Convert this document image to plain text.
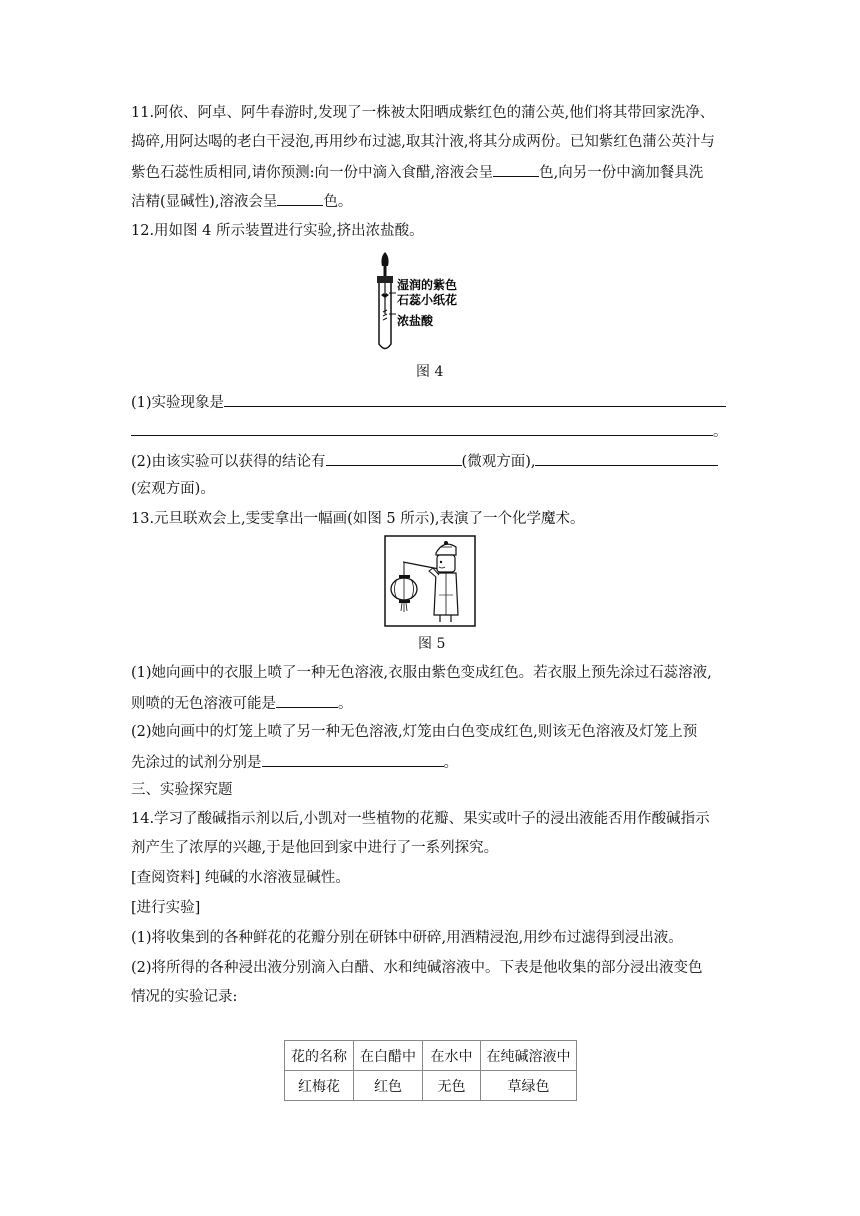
11.阿依、阿卓、阿牛春游时,发现了一株被太阳晒成紫红色的蒲公英,他们将其带回家洗净、
捣碎,用阿达喝的老白干浸泡,再用纱布过滤,取其汁液,将其分成两份。已知紫红色蒲公英汁与
紫色石蕊性质相同,请你预测:向一份中滴入食醋,溶液会呈	色,向另一份中滴加餐具洗
洁精(显碱性),溶液会呈	色。
12.用如图 4 所示装置进行实验,挤出浓盐酸。
湿润的紫色
石蕊小纸花
浓盐酸
图 4
(1)实验现象是
。
(2)由该实验可以获得的结论有	(微观方面),
(宏观方面)。
13.元旦联欢会上,雯雯拿出一幅画(如图 5 所示),表演了一个化学魔术。
图 5
(1)她向画中的衣服上喷了一种无色溶液,衣服由紫色变成红色。若衣服上预先涂过石蕊溶液,
则喷的无色溶液可能是	。
(2)她向画中的灯笼上喷了另一种无色溶液,灯笼由白色变成红色,则该无色溶液及灯笼上预
先涂过的试剂分别是	。
三、实验探究题
14.学习了酸碱指示剂以后,小凯对一些植物的花瓣、果实或叶子的浸出液能否用作酸碱指示
剂产生了浓厚的兴趣,于是他回到家中进行了一系列探究。
[查阅资料] 纯碱的水溶液显碱性。
[进行实验]
(1)将收集到的各种鲜花的花瓣分别在研钵中研碎,用酒精浸泡,用纱布过滤得到浸出液。
(2)将所得的各种浸出液分别滴入白醋、水和纯碱溶液中。下表是他收集的部分浸出液变色
情况的实验记录:
花的名称	在白醋中	在水中	在纯碱溶液中
红梅花	红色	无色	草绿色
